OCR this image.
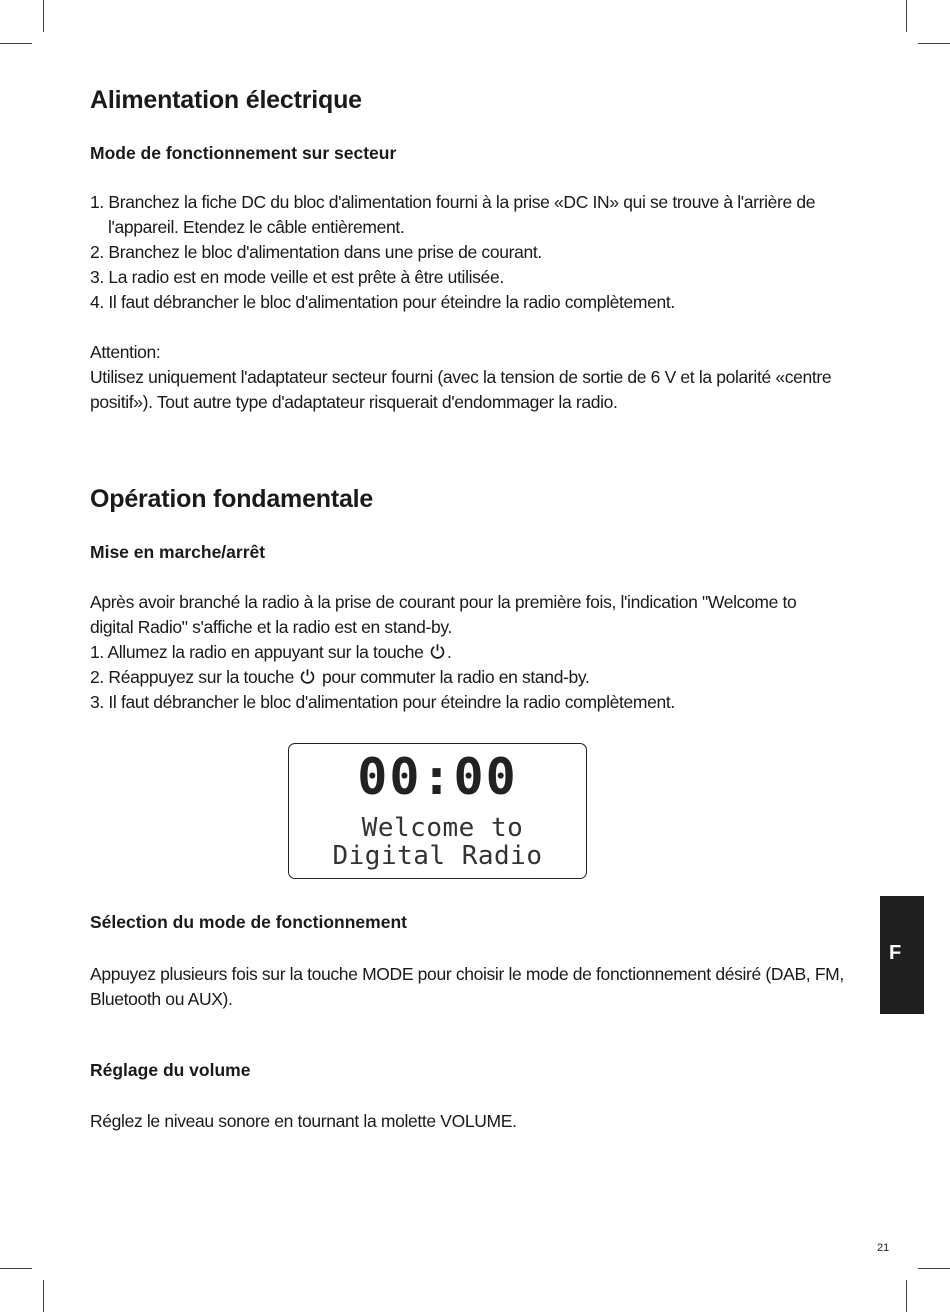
Alimentation électrique
Mode de fonctionnement sur secteur
1. Branchez la fiche DC du bloc d'alimentation fourni à la prise «DC IN» qui se trouve à l'arrière de
l'appareil. Etendez le câble entièrement.
2. Branchez le bloc d'alimentation dans une prise de courant.
3. La radio est en mode veille et est prête à être utilisée.
4. Il faut débrancher le bloc d'alimentation pour éteindre la radio complètement.
Attention:
Utilisez uniquement l'adaptateur secteur fourni (avec la tension de sortie de 6 V et la polarité «centre
positif»). Tout autre type d'adaptateur risquerait d'endommager la radio.
Opération fondamentale
Mise en marche/arrêt
Après avoir branché la radio à la prise de courant pour la première fois, l'indication "Welcome to
digital Radio" s'affiche et la radio est en stand-by.
1. Allumez la radio en appuyant sur la touche .
2. Réappuyez sur la touche pour commuter la radio en stand-by.
3. Il faut débrancher le bloc d'alimentation pour éteindre la radio complètement.
Sélection du mode de fonctionnement
Appuyez plusieurs fois sur la touche MODE pour choisir le mode de fonctionnement désiré (DAB, FM,
Bluetooth ou AUX).
Réglage du volume
Réglez le niveau sonore en tournant la molette VOLUME.
00:00
Welcome to
Digital Radio
F
21
